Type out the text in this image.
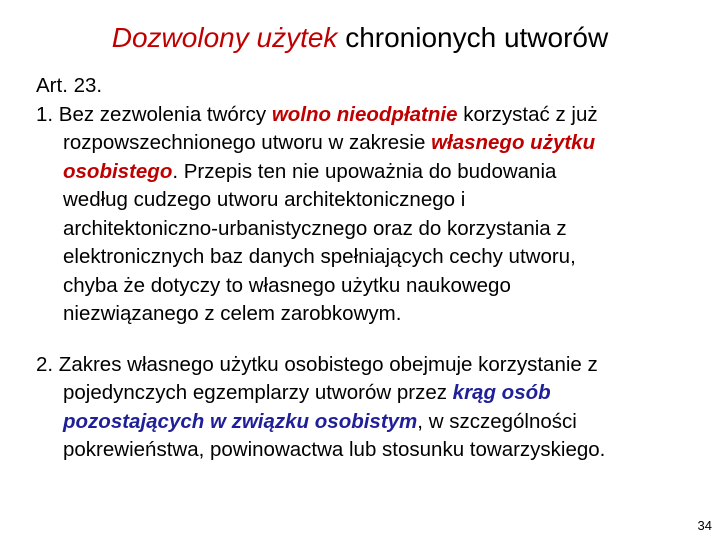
Dozwolony użytek chronionych utworów
Art. 23.
1. Bez zezwolenia twórcy wolno nieodpłatnie korzystać z już
rozpowszechnionego utworu w zakresie własnego użytku
osobistego. Przepis ten nie upoważnia do budowania
według cudzego utworu architektonicznego i
architektoniczno-urbanistycznego oraz do korzystania z
elektronicznych baz danych spełniających cechy utworu,
chyba że dotyczy to własnego użytku naukowego
niezwiązanego z celem zarobkowym.
2. Zakres własnego użytku osobistego obejmuje korzystanie z
pojedynczych egzemplarzy utworów przez krąg osób
pozostających w związku osobistym, w szczególności
pokrewieństwa, powinowactwa lub stosunku towarzyskiego.
34
